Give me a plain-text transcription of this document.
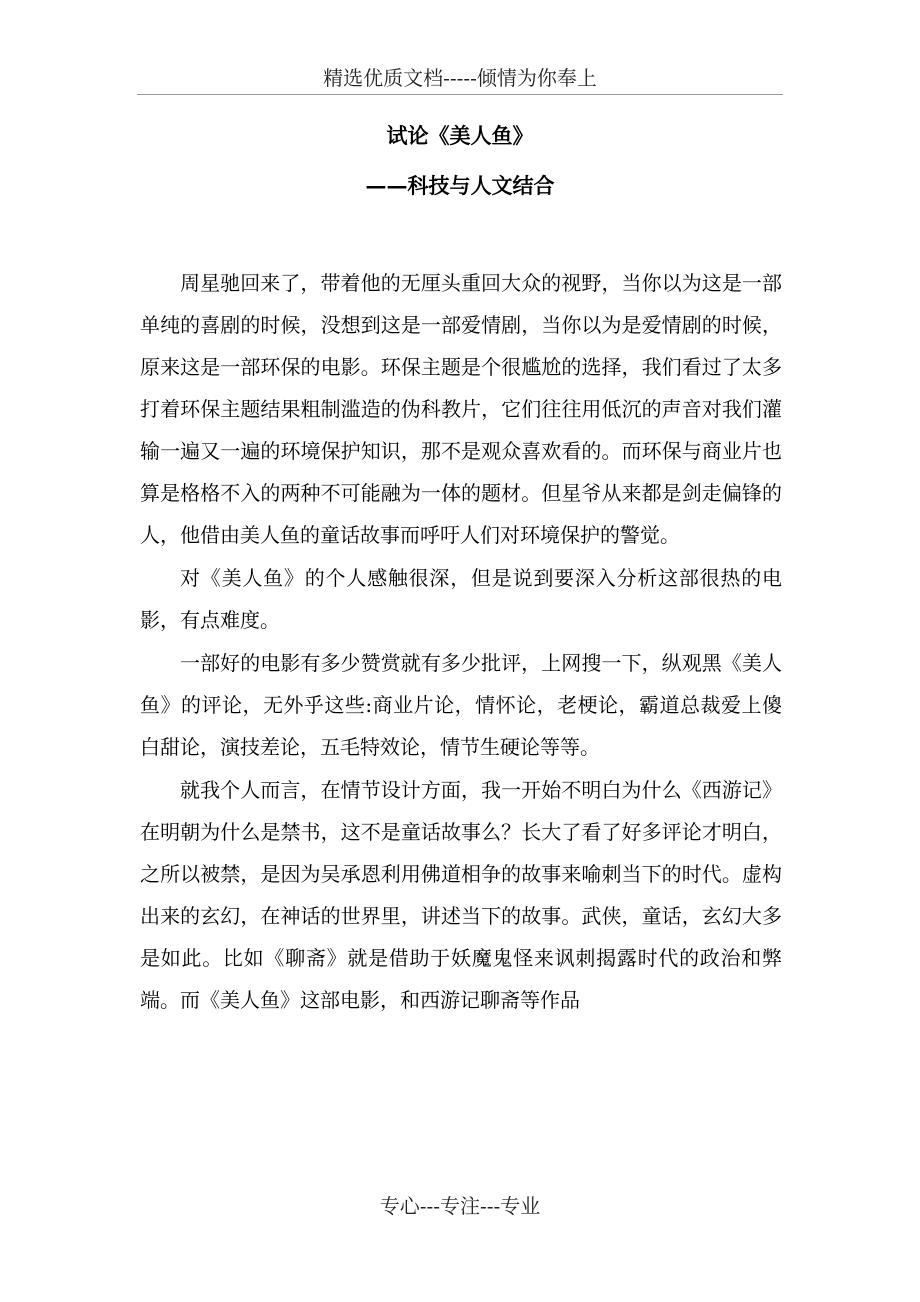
精选优质文档-----倾情为你奉上
试论《美人鱼》
——科技与人文结合

周星驰回来了，带着他的无厘头重回大众的视野，当你以为这是一部单纯的喜剧的时候，没想到这是一部爱情剧，当你以为是爱情剧的时候，原来这是一部环保的电影。环保主题是个很尴尬的选择，我们看过了太多打着环保主题结果粗制滥造的伪科教片，它们往往用低沉的声音对我们灌输一遍又一遍的环境保护知识，那不是观众喜欢看的。而环保与商业片也算是格格不入的两种不可能融为一体的题材。但星爷从来都是剑走偏锋的人，他借由美人鱼的童话故事而呼吁人们对环境保护的警觉。

对《美人鱼》的个人感触很深，但是说到要深入分析这部很热的电影，有点难度。

一部好的电影有多少赞赏就有多少批评，上网搜一下，纵观黑《美人鱼》的评论，无外乎这些:商业片论，情怀论，老梗论，霸道总裁爱上傻白甜论，演技差论，五毛特效论，情节生硬论等等。

就我个人而言，在情节设计方面，我一开始不明白为什么《西游记》在明朝为什么是禁书，这不是童话故事么？长大了看了好多评论才明白，之所以被禁，是因为吴承恩利用佛道相争的故事来喻刺当下的时代。虚构出来的玄幻，在神话的世界里，讲述当下的故事。武侠，童话，玄幻大多是如此。比如《聊斋》就是借助于妖魔鬼怪来讽刺揭露时代的政治和弊端。而《美人鱼》这部电影，和西游记聊斋等作品

专心---专注---专业
